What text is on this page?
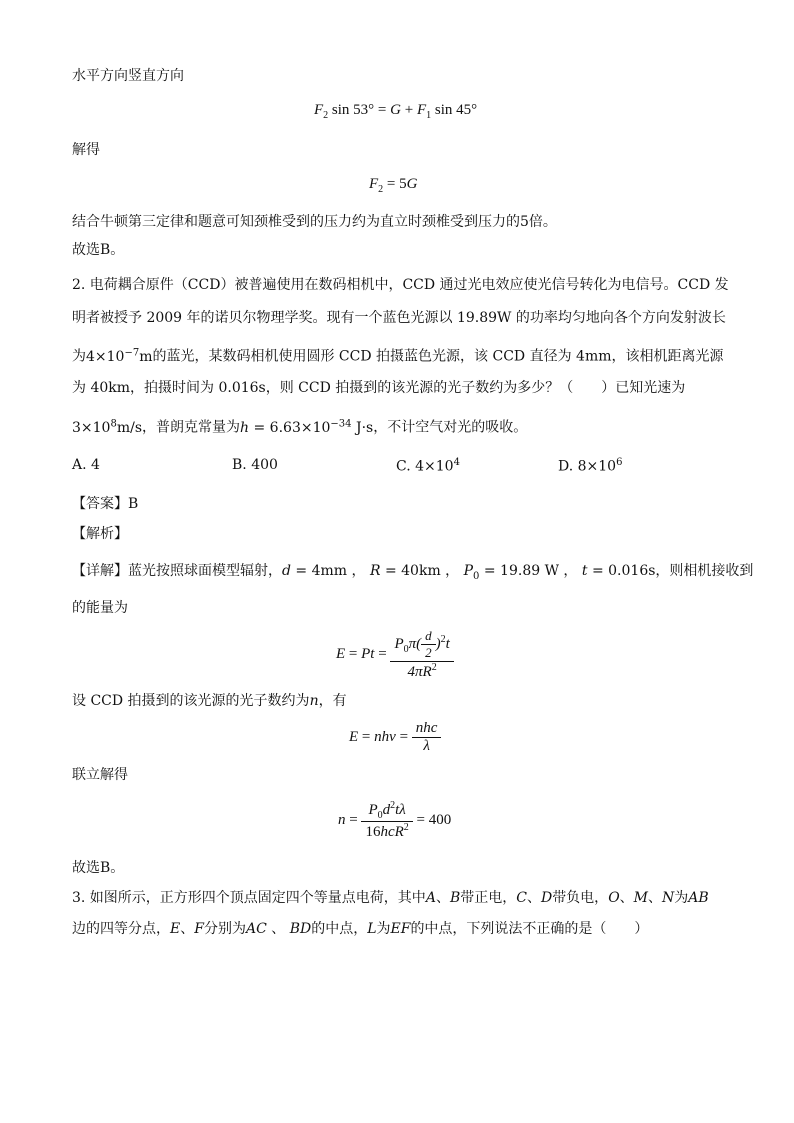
水平方向竖直方向
$F_2$ $\sin 53^\circ = G + F_1$ sin 45°
解得
$F_2 = 5G$
结合牛顿第三定律和题意可知颈椎受到的压力约为直立时颈椎受到压力的5倍。
故选B。
2. 电荷耦合原件（CCD）被普遍使用在数码相机中，CCD 通过光电效应使光信号转化为电信号。CCD 发
明者被授予 2009 年的诺贝尔物理学奖。现有一个蓝色光源以 19.89W 的功率均匀地向各个方向发射波长
为$4\times 10^{-7}m$的蓝光，某数码相机使用圆形 CCD 拍摄蓝色光源，该 CCD 直径为 4mm，该相机距离光源
为 40km，拍摄时间为 0.016s，则 CCD 拍摄到的该光源的光子数约为多少？（　　）已知光速为
$3\times 10^8m/s$，普朗克常量为$h = 6.63\times 10^{-34}$ J·s，不计空气对光的吸收。
A. 4	B. 400	C. $4\times 10^4$	D. $8\times 10^6$
【答案】B
【解析】
【详解】蓝光按照球面模型辐射，d = 4mm ， R = 40km ， $P_0 = 19.89$ W ， t = 0.016s，则相机接收到
的能量为
$E = Pt = \frac{P_0\pi( \frac{d}{2} )^2t}{4\pi R^2}$
设 CCD 拍摄到的该光源的光子数约为n，有
$E = nh\nu = \frac{\text{nhc}}{\lambda}$
联立解得
$n = \frac{P_0d^2t\lambda}{16hcR^2} = 400$
故选B。
3. 如图所示，正方形四个顶点固定四个等量点电荷，其中A、B带正电，C、D带负电，O、M、N为AB
边的四等分点，E、F分别为AC 、 BD的中点，L为EF的中点，下列说法不正确的是（　　）
